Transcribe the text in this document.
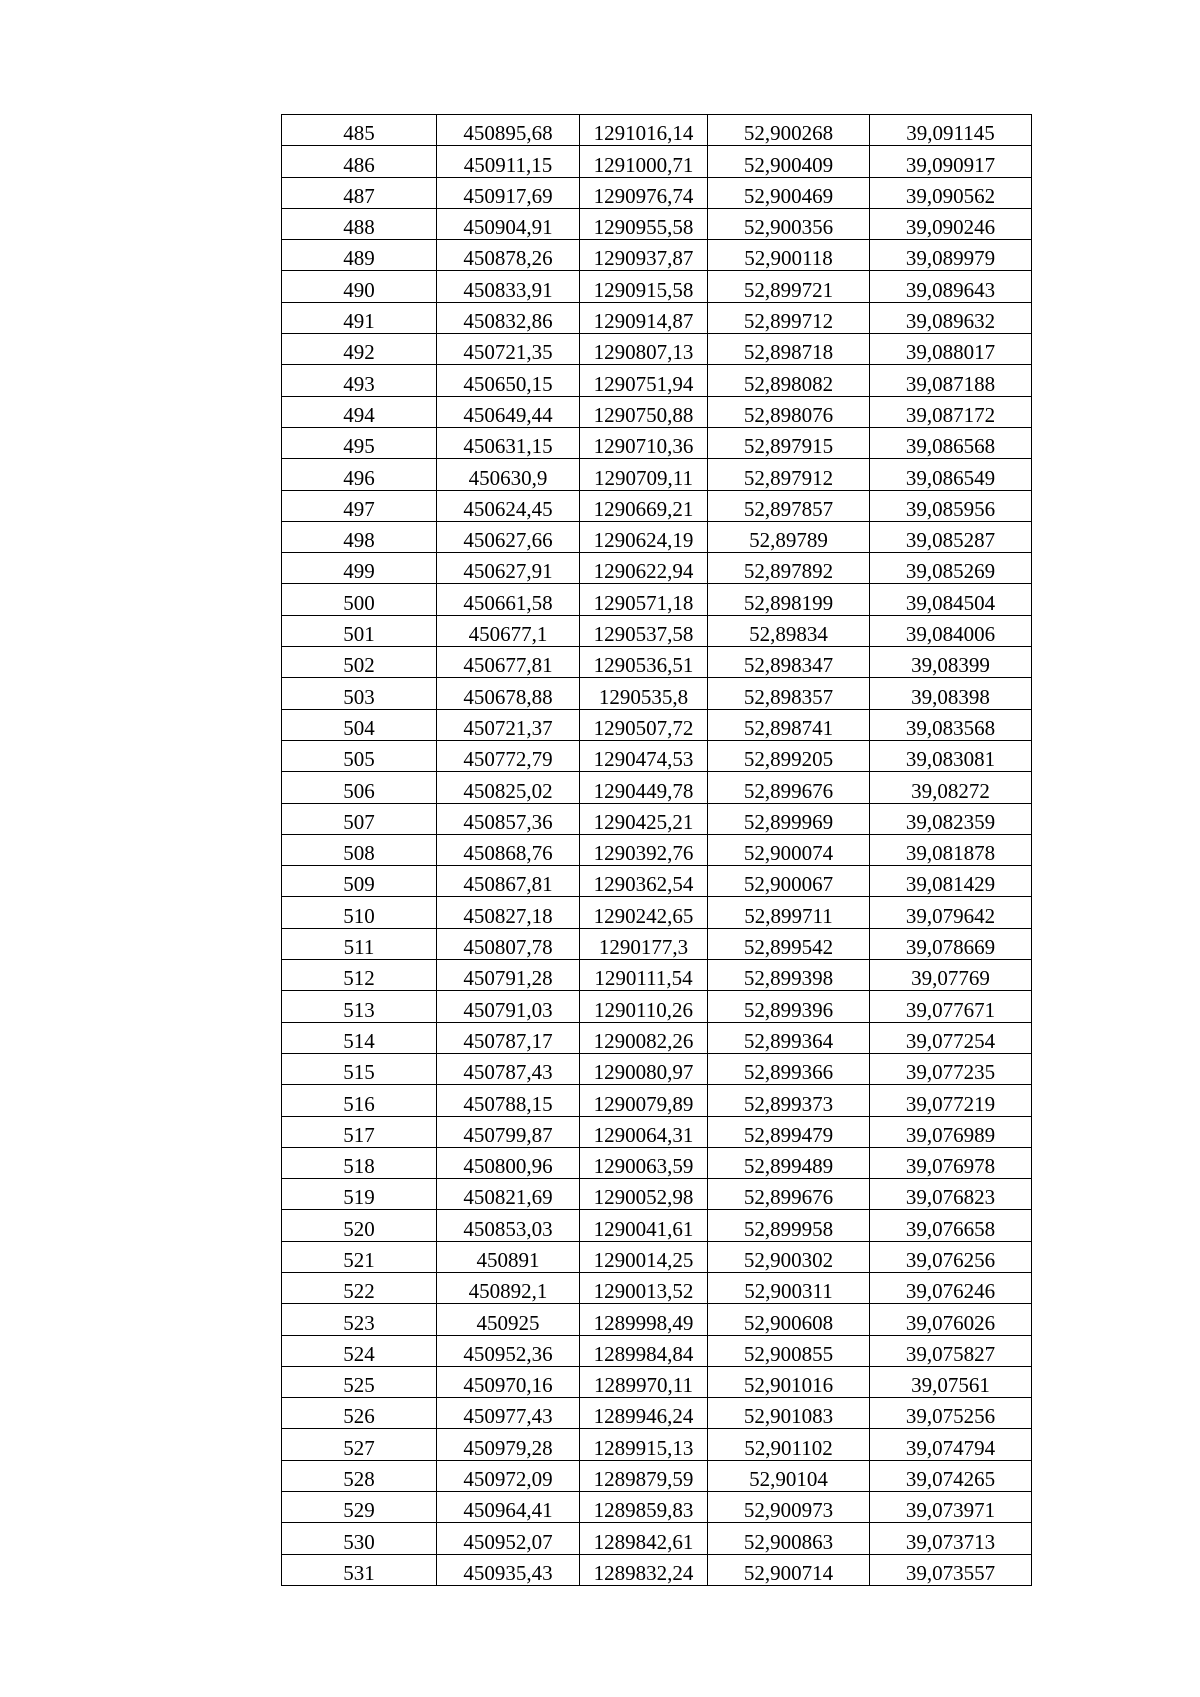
485	450895,68	1291016,14	52,900268	39,091145
486	450911,15	1291000,71	52,900409	39,090917
487	450917,69	1290976,74	52,900469	39,090562
488	450904,91	1290955,58	52,900356	39,090246
489	450878,26	1290937,87	52,900118	39,089979
490	450833,91	1290915,58	52,899721	39,089643
491	450832,86	1290914,87	52,899712	39,089632
492	450721,35	1290807,13	52,898718	39,088017
493	450650,15	1290751,94	52,898082	39,087188
494	450649,44	1290750,88	52,898076	39,087172
495	450631,15	1290710,36	52,897915	39,086568
496	450630,9	1290709,11	52,897912	39,086549
497	450624,45	1290669,21	52,897857	39,085956
498	450627,66	1290624,19	52,89789	39,085287
499	450627,91	1290622,94	52,897892	39,085269
500	450661,58	1290571,18	52,898199	39,084504
501	450677,1	1290537,58	52,89834	39,084006
502	450677,81	1290536,51	52,898347	39,08399
503	450678,88	1290535,8	52,898357	39,08398
504	450721,37	1290507,72	52,898741	39,083568
505	450772,79	1290474,53	52,899205	39,083081
506	450825,02	1290449,78	52,899676	39,08272
507	450857,36	1290425,21	52,899969	39,082359
508	450868,76	1290392,76	52,900074	39,081878
509	450867,81	1290362,54	52,900067	39,081429
510	450827,18	1290242,65	52,899711	39,079642
511	450807,78	1290177,3	52,899542	39,078669
512	450791,28	1290111,54	52,899398	39,07769
513	450791,03	1290110,26	52,899396	39,077671
514	450787,17	1290082,26	52,899364	39,077254
515	450787,43	1290080,97	52,899366	39,077235
516	450788,15	1290079,89	52,899373	39,077219
517	450799,87	1290064,31	52,899479	39,076989
518	450800,96	1290063,59	52,899489	39,076978
519	450821,69	1290052,98	52,899676	39,076823
520	450853,03	1290041,61	52,899958	39,076658
521	450891	1290014,25	52,900302	39,076256
522	450892,1	1290013,52	52,900311	39,076246
523	450925	1289998,49	52,900608	39,076026
524	450952,36	1289984,84	52,900855	39,075827
525	450970,16	1289970,11	52,901016	39,07561
526	450977,43	1289946,24	52,901083	39,075256
527	450979,28	1289915,13	52,901102	39,074794
528	450972,09	1289879,59	52,90104	39,074265
529	450964,41	1289859,83	52,900973	39,073971
530	450952,07	1289842,61	52,900863	39,073713
531	450935,43	1289832,24	52,900714	39,073557
